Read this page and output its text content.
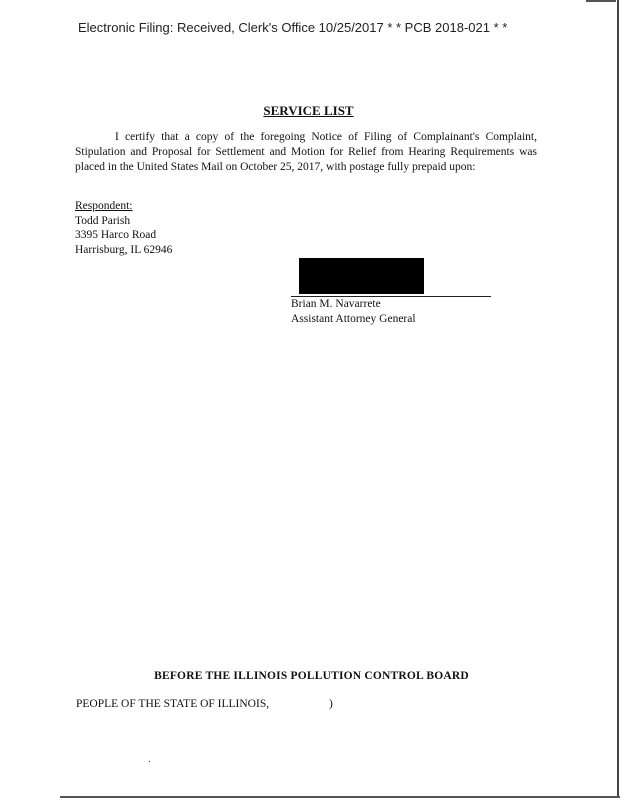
Electronic Filing: Received, Clerk's Office 10/25/2017 * * PCB 2018-021 * *
SERVICE LIST

I certify that a copy of the foregoing Notice of Filing of Complainant's Complaint, Stipulation and Proposal for Settlement and Motion for Relief from Hearing Requirements was placed in the United States Mail on October 25, 2017, with postage fully prepaid upon:

Respondent:
Todd Parish
3395 Harco Road
Harrisburg, IL 62946
Brian M. Navarrete
Assistant Attorney General
BEFORE THE ILLINOIS POLLUTION CONTROL BOARD
PEOPLE OF THE STATE OF ILLINOIS,	)
